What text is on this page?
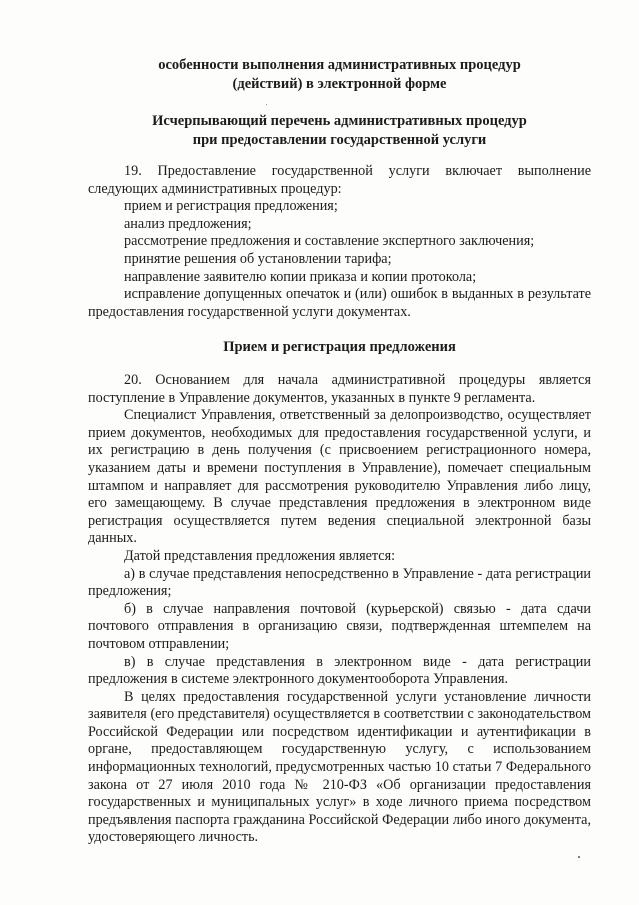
особенности выполнения административных процедур

(действий) в электронной форме

Исчерпывающий перечень административных процедур

при предоставлении государственной услуги

19. Предоставление государственной услуги включает выполнение следующих административных процедур:

прием и регистрация предложения;

анализ предложения;

рассмотрение предложения и составление экспертного заключения;

принятие решения об установлении тарифа;

направление заявителю копии приказа и копии протокола;

исправление допущенных опечаток и (или) ошибок в выданных в результате предоставления государственной услуги документах.

Прием и регистрация предложения

20. Основанием для начала административной процедуры является поступление в Управление документов, указанных в пункте 9 регламента.

Специалист Управления, ответственный за делопроизводство, осуществляет прием документов, необходимых для предоставления государственной услуги, и их регистрацию в день получения (с присвоением регистрационного номера, указанием даты и времени поступления в Управление), помечает специальным штампом и направляет для рассмотрения руководителю Управления либо лицу, его замещающему. В случае представления предложения в электронном виде регистрация осуществляется путем ведения специальной электронной базы данных.

Датой представления предложения является:

а) в случае представления непосредственно в Управление - дата регистрации предложения;

б) в случае направления почтовой (курьерской) связью - дата сдачи почтового отправления в организацию связи, подтвержденная штемпелем на почтовом отправлении;

в) в случае представления в электронном виде - дата регистрации предложения в системе электронного документооборота Управления.

В целях предоставления государственной услуги установление личности заявителя (его представителя) осуществляется в соответствии с законодательством Российской Федерации или посредством идентификации и аутентификации в органе, предоставляющем государственную услугу, с использованием информационных технологий, предусмотренных частью 10 статьи 7 Федерального закона от 27 июля 2010 года № 210-ФЗ «Об организации предоставления государственных и муниципальных услуг» в ходе личного приема посредством предъявления паспорта гражданина Российской Федерации либо иного документа, удостоверяющего личность.
